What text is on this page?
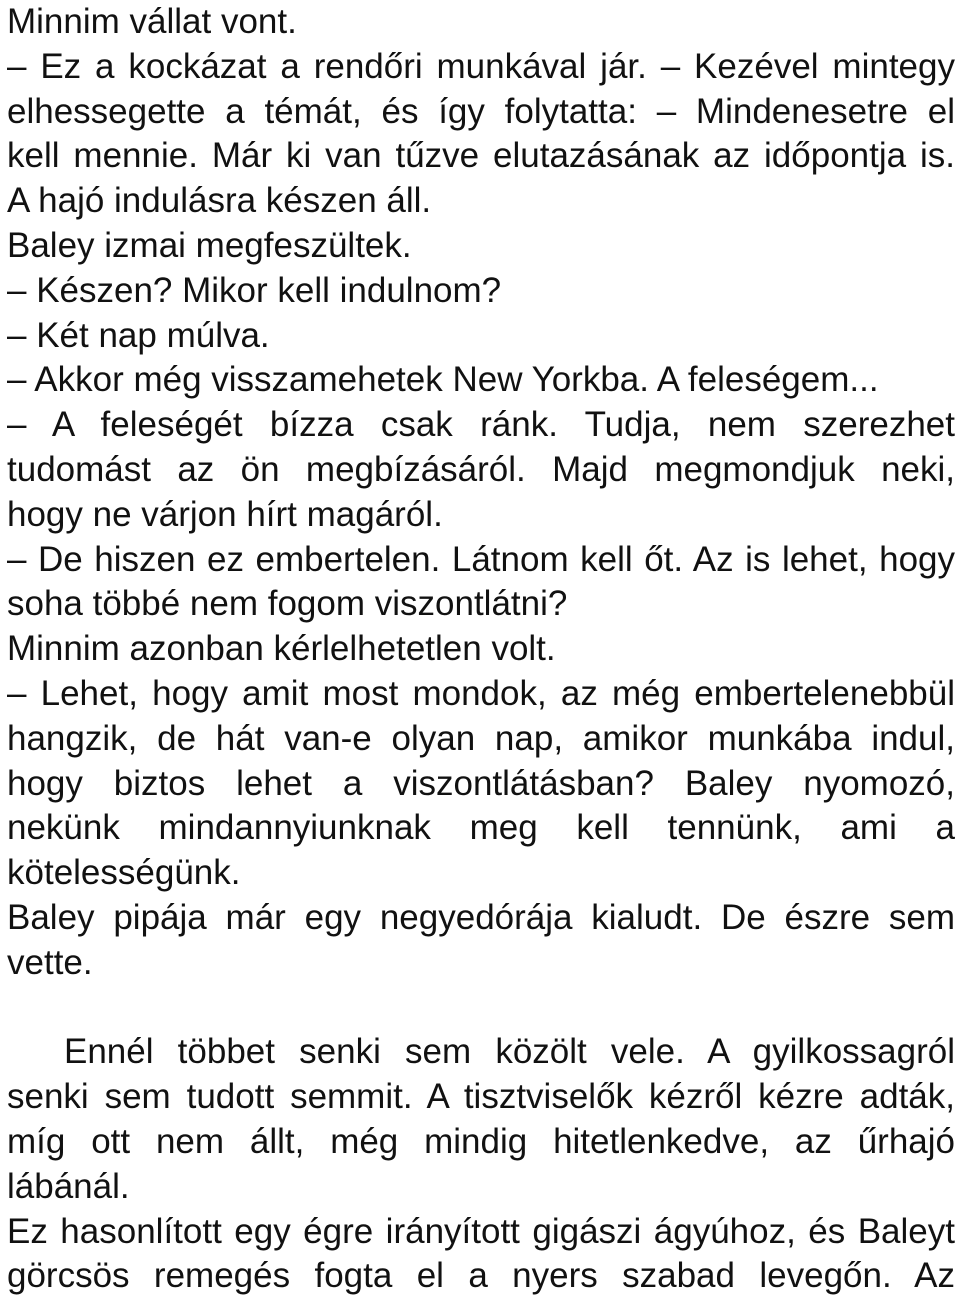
Minnim vállat vont.
– Ez a kockázat a rendőri munkával jár. – Kezével mintegy
elhessegette a témát, és így folytatta: – Mindenesetre el
kell mennie. Már ki van tűzve elutazásának az időpontja is.
A hajó indulásra készen áll.
Baley izmai megfeszültek.
– Készen? Mikor kell indulnom?
– Két nap múlva.
– Akkor még visszamehetek New Yorkba. A feleségem...
– A feleségét bízza csak ránk. Tudja, nem szerezhet
tudomást az ön megbízásáról. Majd megmondjuk neki,
hogy ne várjon hírt magáról.
– De hiszen ez embertelen. Látnom kell őt. Az is lehet, hogy
soha többé nem fogom viszontlátni?
Minnim azonban kérlelhetetlen volt.
– Lehet, hogy amit most mondok, az még embertelenebbül
hangzik, de hát van-e olyan nap, amikor munkába indul,
hogy biztos lehet a viszontlátásban? Baley nyomozó,
nekünk mindannyiunknak meg kell tennünk, ami a
kötelességünk.
Baley pipája már egy negyedórája kialudt. De észre sem
vette.
Ennél többet senki sem közölt vele. A gyilkossagról
senki sem tudott semmit. A tisztviselők kézről kézre adták,
míg ott nem állt, még mindig hitetlenkedve, az űrhajó
lábánál.
Ez hasonlított egy égre irányított gigászi ágyúhoz, és Baleyt
görcsös remegés fogta el a nyers szabad levegőn. Az
